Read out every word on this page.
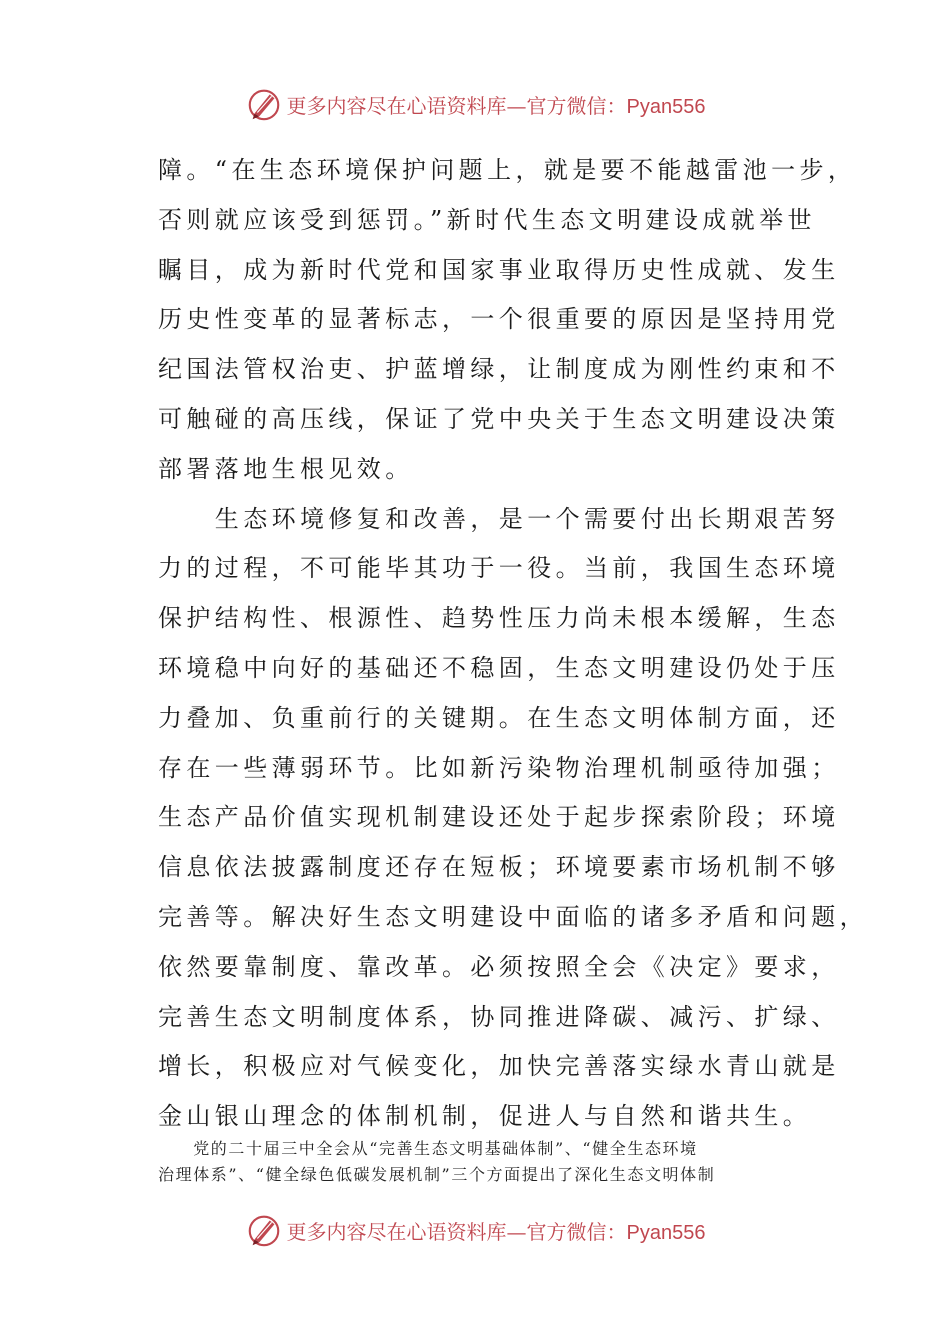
更多内容尽在心语资料库—官方微信：Pyan556

障。“在生态环境保护问题上，就是要不能越雷池一步，

否则就应该受到惩罚。”新时代生态文明建设成就举世

瞩目，成为新时代党和国家事业取得历史性成就、发生

历史性变革的显著标志，一个很重要的原因是坚持用党

纪国法管权治吏、护蓝增绿，让制度成为刚性约束和不

可触碰的高压线，保证了党中央关于生态文明建设决策

部署落地生根见效。

　　生态环境修复和改善，是一个需要付出长期艰苦努

力的过程，不可能毕其功于一役。当前，我国生态环境

保护结构性、根源性、趋势性压力尚未根本缓解，生态

环境稳中向好的基础还不稳固，生态文明建设仍处于压

力叠加、负重前行的关键期。在生态文明体制方面，还

存在一些薄弱环节。比如新污染物治理机制亟待加强；

生态产品价值实现机制建设还处于起步探索阶段；环境

信息依法披露制度还存在短板；环境要素市场机制不够

完善等。解决好生态文明建设中面临的诸多矛盾和问题，

依然要靠制度、靠改革。必须按照全会《决定》要求，

完善生态文明制度体系，协同推进降碳、减污、扩绿、

增长，积极应对气候变化，加快完善落实绿水青山就是

金山银山理念的体制机制，促进人与自然和谐共生。

　　党的二十届三中全会从“完善生态文明基础体制”、“健全生态环境

治理体系”、“健全绿色低碳发展机制”三个方面提出了深化生态文明体制

更多内容尽在心语资料库—官方微信：Pyan556
